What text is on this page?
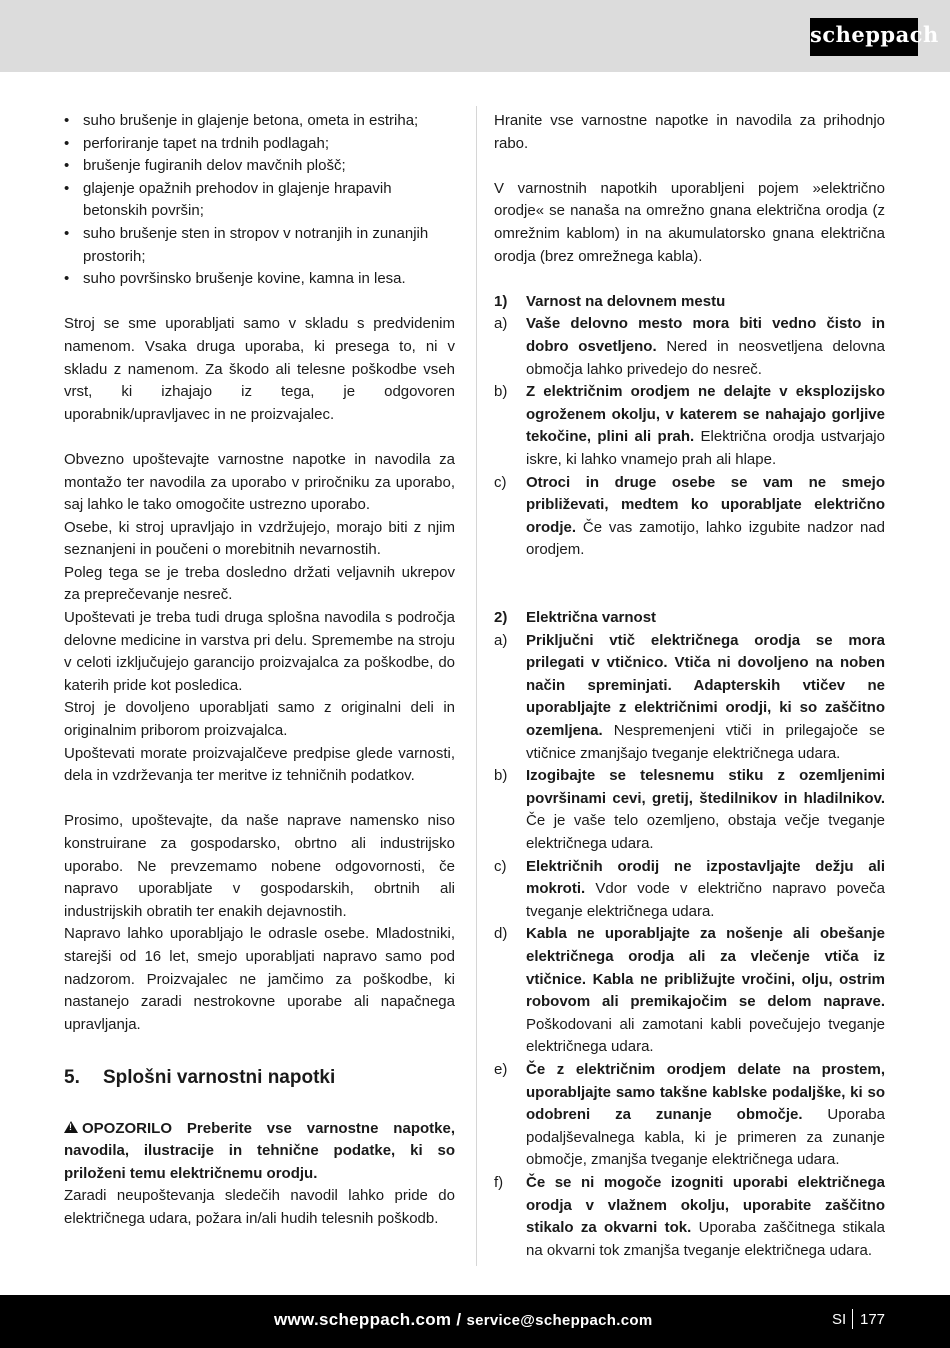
scheppach
• suho brušenje in glajenje betona, ometa in estriha;
• perforiranje tapet na trdnih podlagah;
• brušenje fugiranih delov mavčnih plošč;
• glajenje opažnih prehodov in glajenje hrapavih betonskih površin;
• suho brušenje sten in stropov v notranjih in zunanjih prostorih;
• suho površinsko brušenje kovine, kamna in lesa.

Stroj se sme uporabljati samo v skladu s predvidenim namenom. Vsaka druga uporaba, ki presega to, ni v skladu z namenom. Za škodo ali telesne poškodbe vseh vrst, ki izhajajo iz tega, je odgovoren uporabnik/upravljavec in ne proizvajalec.

Obvezno upoštevajte varnostne napotke in navodila za montažo ter navodila za uporabo v priročniku za uporabo, saj lahko le tako omogočite ustrezno uporabo.

Osebe, ki stroj upravljajo in vzdržujejo, morajo biti z njim seznanjeni in poučeni o morebitnih nevarnostih.

Poleg tega se je treba dosledno držati veljavnih ukrepov za preprečevanje nesreč.

Upoštevati je treba tudi druga splošna navodila s področja delovne medicine in varstva pri delu. Spremembe na stroju v celoti izključujejo garancijo proizvajalca za poškodbe, do katerih pride kot posledica.

Stroj je dovoljeno uporabljati samo z originalni deli in originalnim priborom proizvajalca.

Upoštevati morate proizvajalčeve predpise glede varnosti, dela in vzdrževanja ter meritve iz tehničnih podatkov.

Prosimo, upoštevajte, da naše naprave namensko niso konstruirane za gospodarsko, obrtno ali industrijsko uporabo. Ne prevzemamo nobene odgovornosti, če napravo uporabljate v gospodarskih, obrtnih ali industrijskih obratih ter enakih dejavnostih.

Napravo lahko uporabljajo le odrasle osebe. Mladostniki, starejši od 16 let, smejo uporabljati napravo samo pod nadzorom. Proizvajalec ne jamčimo za poškodbe, ki nastanejo zaradi nestrokovne uporabe ali napačnega upravljanja.

5. Splošni varnostni napotki

!OPOZORILO Preberite vse varnostne napotke, navodila, ilustracije in tehnične podatke, ki so priloženi temu električnemu orodju.

Zaradi neupoštevanja sledečih navodil lahko pride do električnega udara, požara in/ali hudih telesnih poškodb.

Hranite vse varnostne napotke in navodila za prihodnjo rabo.

V varnostnih napotkih uporabljeni pojem »električno orodje« se nanaša na omrežno gnana električna orodja (z omrežnim kablom) in na akumulatorsko gnana električna orodja (brez omrežnega kabla).

1)	Varnost na delovnem mestu
a)	Vaše delovno mesto mora biti vedno čisto in dobro osvetljeno. Nered in neosvetljena delovna območja lahko privedejo do nesreč.
b)	Z električnim orodjem ne delajte v eksplozijsko ogroženem okolju, v katerem se nahajajo gorljive tekočine, plini ali prah. Električna orodja ustvarjajo iskre, ki lahko vnamejo prah ali hlape.
c)	Otroci in druge osebe se vam ne smejo približevati, medtem ko uporabljate električno orodje. Če vas zamotijo, lahko izgubite nadzor nad orodjem.
2)	Električna varnost
a)	Priključni vtič električnega orodja se mora prilegati v vtičnico. Vtiča ni dovoljeno na noben način spreminjati. Adapterskih vtičev ne uporabljajte z električnimi orodji, ki so zaščitno ozemljena. Nespremenjeni vtiči in prilegajoče se vtičnice zmanjšajo tveganje električnega udara.
b)	Izogibajte se telesnemu stiku z ozemljenimi površinami cevi, gretij, štedilnikov in hladilnikov. Če je vaše telo ozemljeno, obstaja večje tveganje električnega udara.
c)	Električnih orodij ne izpostavljajte dežju ali mokroti. Vdor vode v električno napravo poveča tveganje električnega udara.
d)	Kabla ne uporabljajte za nošenje ali obešanje električnega orodja ali za vlečenje vtiča iz vtičnice. Kabla ne približujte vročini, olju, ostrim robovom ali premikajočim se delom naprave. Poškodovani ali zamotani kabli povečujejo tveganje električnega udara.
e)	Če z električnim orodjem delate na prostem, uporabljajte samo takšne kablske podaljške, ki so odobreni za zunanje območje. Uporaba podaljševalnega kabla, ki je primeren za zunanje območje, zmanjša tveganje električnega udara.
f)	Če se ni mogoče izogniti uporabi električnega orodja v vlažnem okolju, uporabite zaščitno stikalo za okvarni tok. Uporaba zaščitnega stikala na okvarni tok zmanjša tveganje električnega udara.
www.scheppach.com / service@scheppach.com	SI 177
